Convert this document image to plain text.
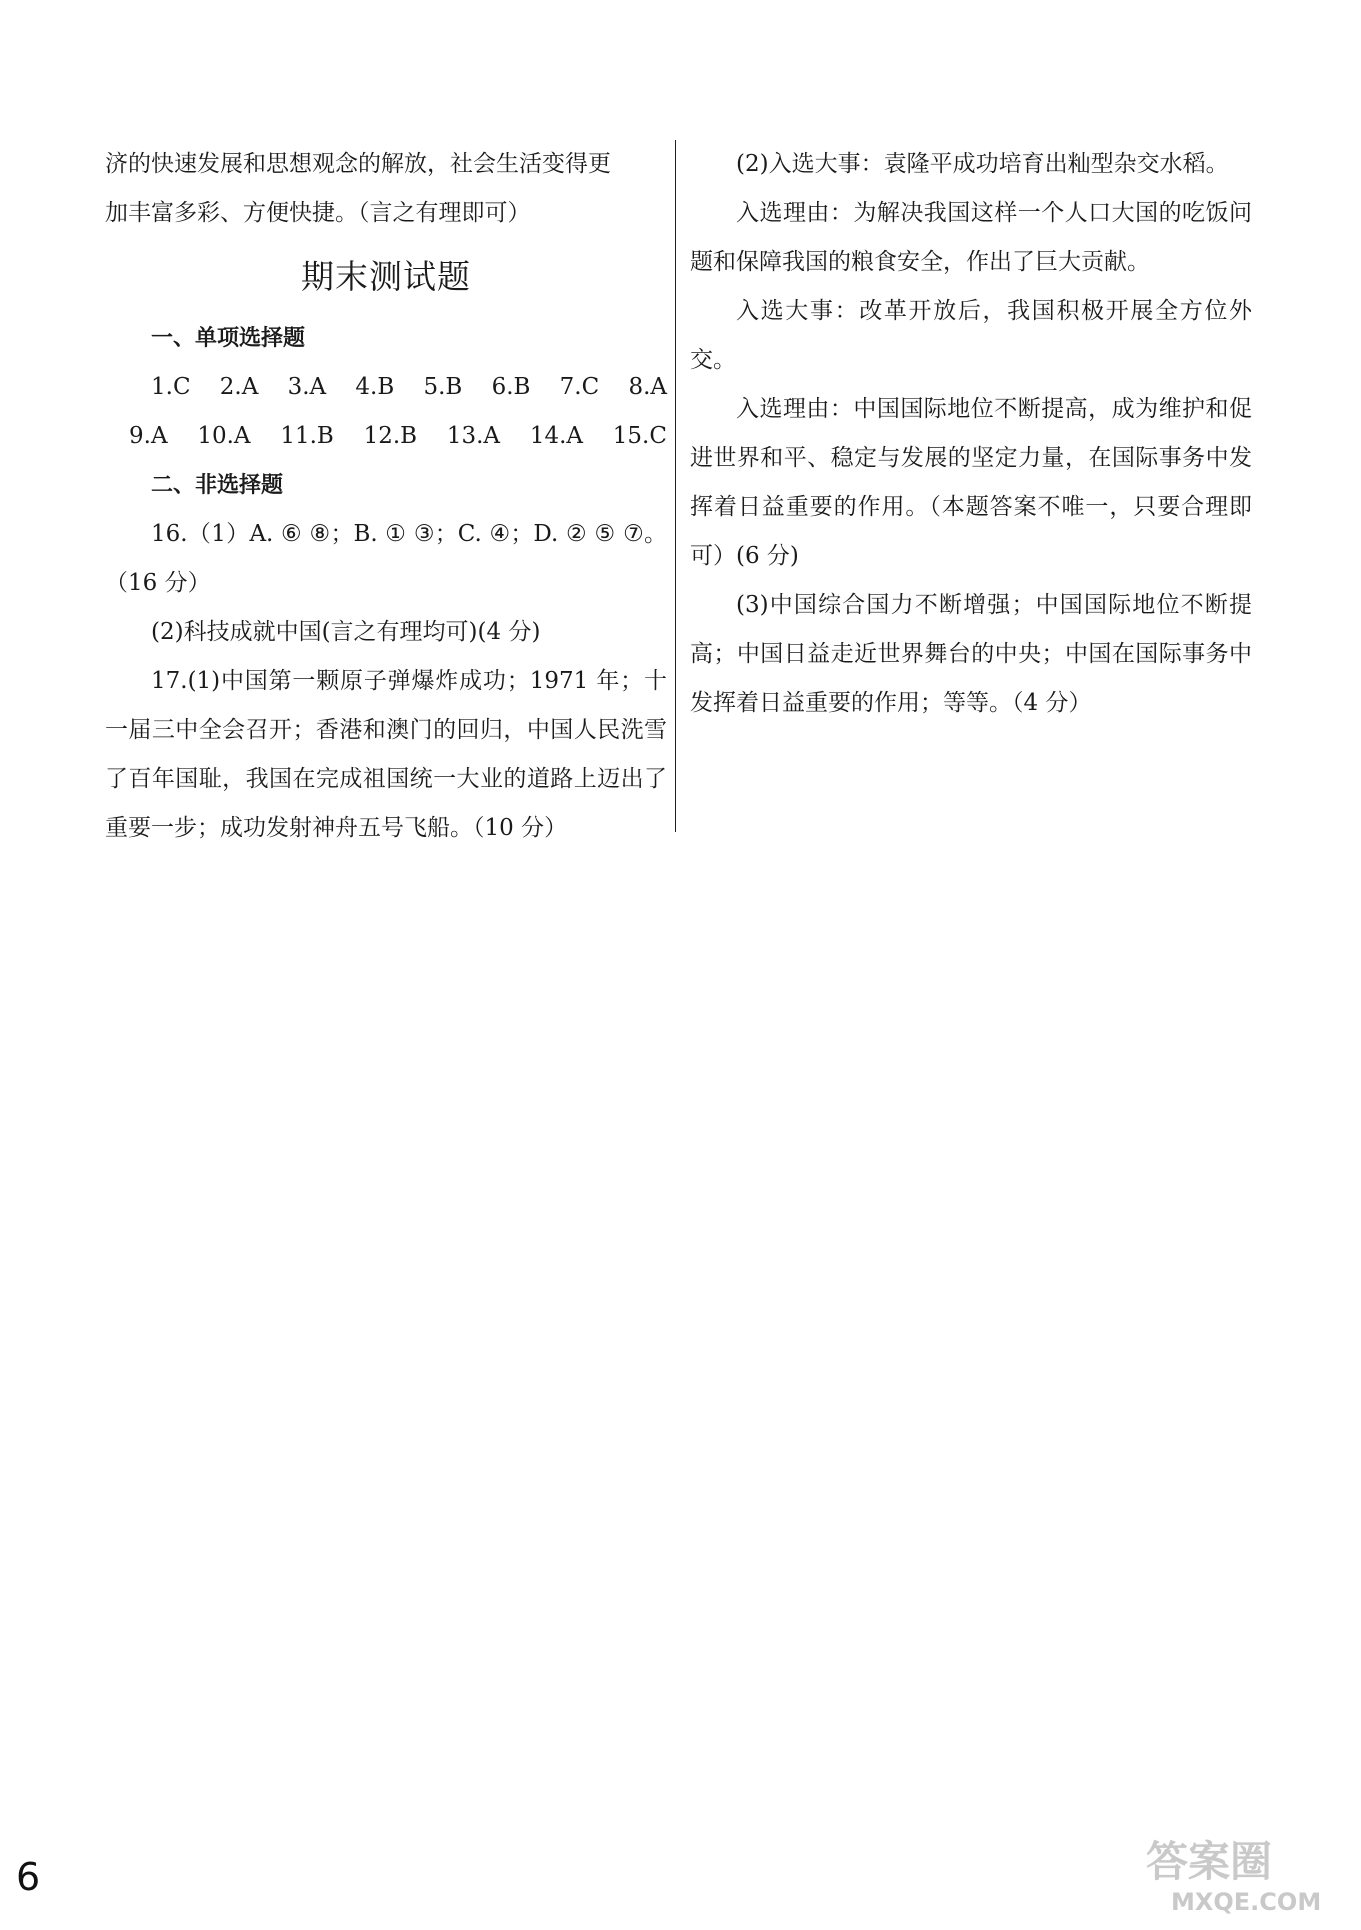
济的快速发展和思想观念的解放，社会生活变得更

加丰富多彩、方便快捷。（言之有理即可）

期末测试题

一、单项选择题

1.C 2.A 3.A 4.B 5.B 6.B 7.C 8.A
9.A 10.A 11.B 12.B 13.A 14.A 15.C

二、非选择题

16.（1）A. ⑥ ⑧；B. ① ③；C. ④；D. ② ⑤ ⑦。（16 分）

(2)科技成就中国(言之有理均可)(4 分)

17.(1)中国第一颗原子弹爆炸成功；1971 年；十一届三中全会召开；香港和澳门的回归，中国人民洗雪了百年国耻，我国在完成祖国统一大业的道路上迈出了重要一步；成功发射神舟五号飞船。（10 分）

(2)入选大事：袁隆平成功培育出籼型杂交水稻。

入选理由：为解决我国这样一个人口大国的吃饭问题和保障我国的粮食安全，作出了巨大贡献。

入选大事：改革开放后，我国积极开展全方位外交。

入选理由：中国国际地位不断提高，成为维护和促进世界和平、稳定与发展的坚定力量，在国际事务中发挥着日益重要的作用。（本题答案不唯一，只要合理即可）(6 分)

(3)中国综合国力不断增强；中国国际地位不断提高；中国日益走近世界舞台的中央；中国在国际事务中发挥着日益重要的作用；等等。（4 分）

6	答案圈
MXQE.COM
